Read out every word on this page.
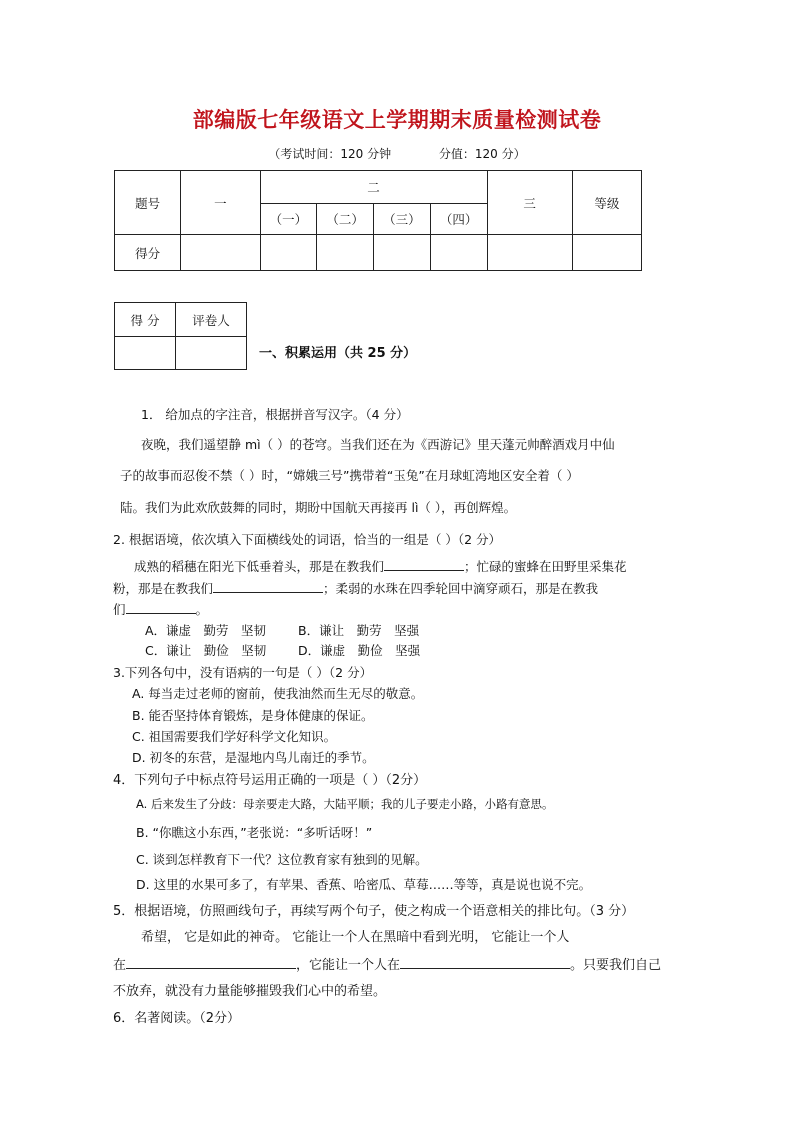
部编版七年级语文上学期期末质量检测试卷
（考试时间：120 分钟	分值：120 分）
题号	一	二				三	等级
		（一）	（二）	（三）	（四）		
得分							
得 分	评卷人

一、积累运用（共 25 分）
1． 给加点的字注音，根据拼音写汉字。（4 分）
夜晚，我们遥望静 mì（ ）的苍穹。当我们还在为《西游记》里天蓬元帅醉酒戏月中仙
子的故事而忍俊不禁（ ）时，“嫦娥三号”携带着“玉兔”在月球虹湾地区安全着（ ）
陆。我们为此欢欣鼓舞的同时，期盼中国航天再接再 lì（ ），再创辉煌。
2. 根据语境，依次填入下面横线处的词语，恰当的一组是（ ）（2 分）
成熟的稻穗在阳光下低垂着头，那是在教我们	；忙碌的蜜蜂在田野里采集花
粉，那是在教我们	；柔弱的水珠在四季轮回中滴穿顽石，那是在教我
们	。
A．谦虚　勤劳　坚韧	B．谦让　勤劳　坚强
C．谦让　勤俭　坚韧	D．谦虚　勤俭　坚强
3.下列各句中，没有语病的一句是（ ）（2 分）
A. 每当走过老师的窗前，使我油然而生无尽的敬意。
B. 能否坚持体育锻炼，是身体健康的保证。
C. 祖国需要我们学好科学文化知识。
D. 初冬的东营，是湿地内鸟儿南迁的季节。
4．下列句子中标点符号运用正确的一项是（ ）（2分）
A. 后来发生了分歧：母亲要走大路，大陆平顺；我的儿子要走小路，小路有意思。
B. “你瞧这小东西，”老张说：“多听话呀！”
C. 谈到怎样教育下一代？这位教育家有独到的见解。
D. 这里的水果可多了，有苹果、香蕉、哈密瓜、草莓……等等，真是说也说不完。
5．根据语境，仿照画线句子，再续写两个句子，使之构成一个语意相关的排比句。（3 分）
希望， 它是如此的神奇。 它能让一个人在黑暗中看到光明， 它能让一个人
在	，它能让一个人在	。只要我们自己
不放弃，就没有力量能够摧毁我们心中的希望。
6．名著阅读。（2分）
